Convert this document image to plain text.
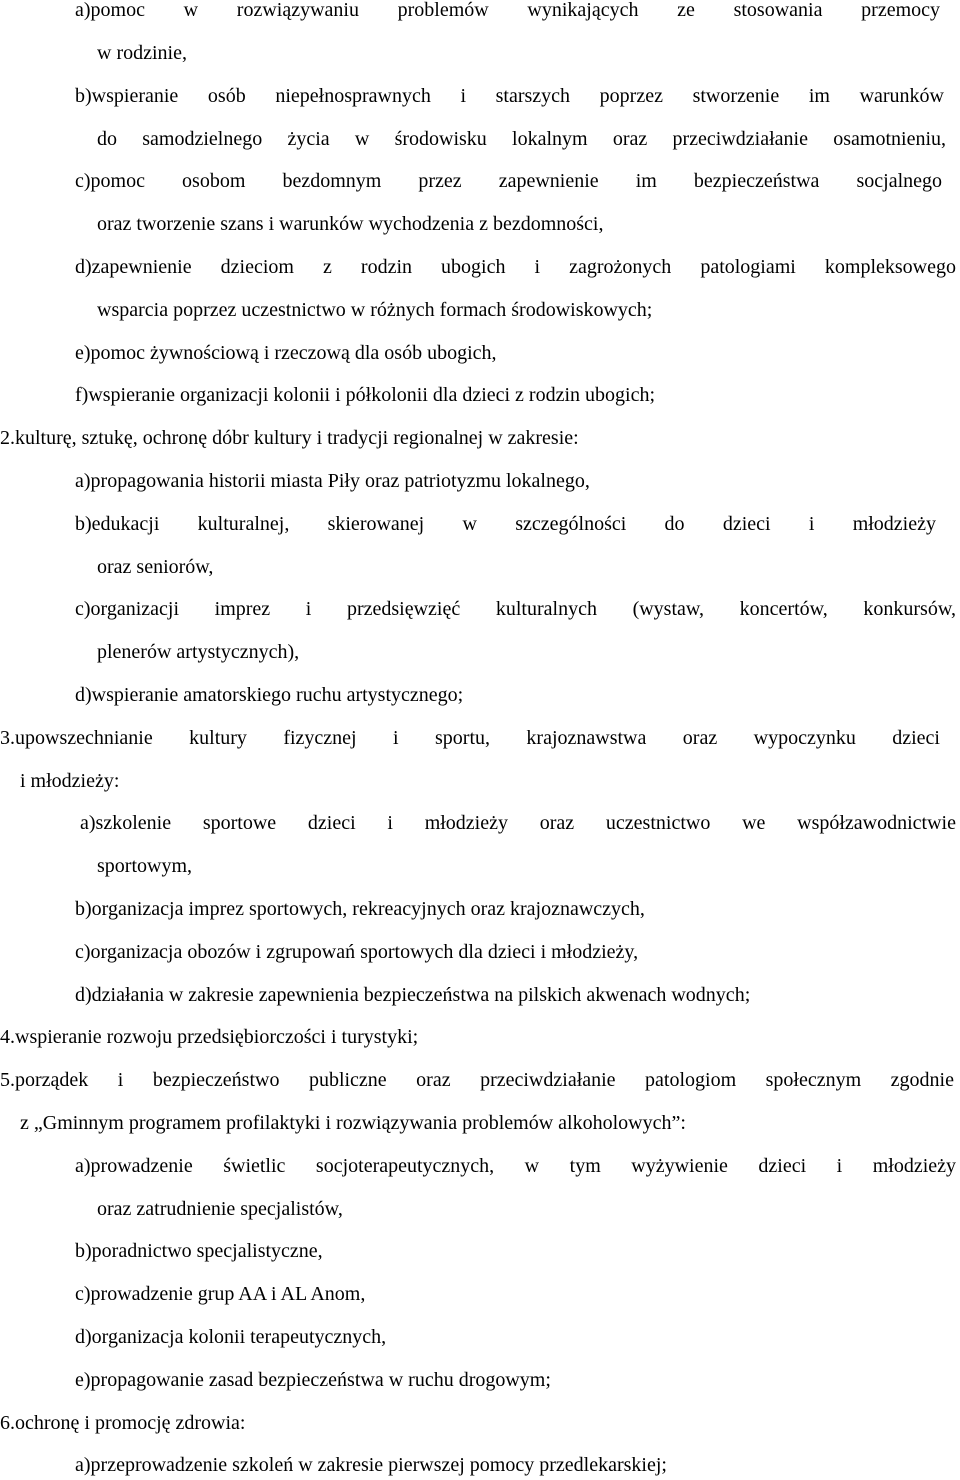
a)pomoc w rozwiązywaniu problemów wynikających ze stosowania przemocy
w rodzinie,
b)wspieranie osób niepełnosprawnych i starszych poprzez stworzenie im warunków
do samodzielnego życia w środowisku lokalnym oraz przeciwdziałanie osamotnieniu,
c)pomoc osobom bezdomnym przez zapewnienie im bezpieczeństwa socjalnego
oraz tworzenie szans i warunków wychodzenia z bezdomności,
d)zapewnienie dzieciom z rodzin ubogich i zagrożonych patologiami kompleksowego
wsparcia poprzez uczestnictwo w różnych formach środowiskowych;
e)pomoc żywnościową i rzeczową dla osób ubogich,
f)wspieranie organizacji kolonii i półkolonii dla dzieci z rodzin ubogich;
2.kulturę, sztukę, ochronę dóbr kultury i tradycji regionalnej w zakresie:
a)propagowania historii miasta Piły oraz patriotyzmu lokalnego,
b)edukacji kulturalnej, skierowanej w szczególności do dzieci i młodzieży
oraz seniorów,
c)organizacji imprez i przedsięwzięć kulturalnych (wystaw, koncertów, konkursów,
plenerów artystycznych),
d)wspieranie amatorskiego ruchu artystycznego;
3.upowszechnianie kultury fizycznej i sportu, krajoznawstwa oraz wypoczynku dzieci
i młodzieży:
a)szkolenie sportowe dzieci i młodzieży oraz uczestnictwo we współzawodnictwie
sportowym,
b)organizacja imprez sportowych, rekreacyjnych oraz krajoznawczych,
c)organizacja obozów i zgrupowań sportowych dla dzieci i młodzieży,
d)działania w zakresie zapewnienia bezpieczeństwa na pilskich akwenach wodnych;
4.wspieranie rozwoju przedsiębiorczości i turystyki;
5.porządek i bezpieczeństwo publiczne oraz przeciwdziałanie patologiom społecznym zgodnie
z „Gminnym programem profilaktyki i rozwiązywania problemów alkoholowych”:
a)prowadzenie świetlic socjoterapeutycznych, w tym wyżywienie dzieci i młodzieży
oraz zatrudnienie specjalistów,
b)poradnictwo specjalistyczne,
c)prowadzenie grup AA i AL Anom,
d)organizacja kolonii terapeutycznych,
e)propagowanie zasad bezpieczeństwa w ruchu drogowym;
6.ochronę i promocję zdrowia:
a)przeprowadzenie szkoleń w zakresie pierwszej pomocy przedlekarskiej;
